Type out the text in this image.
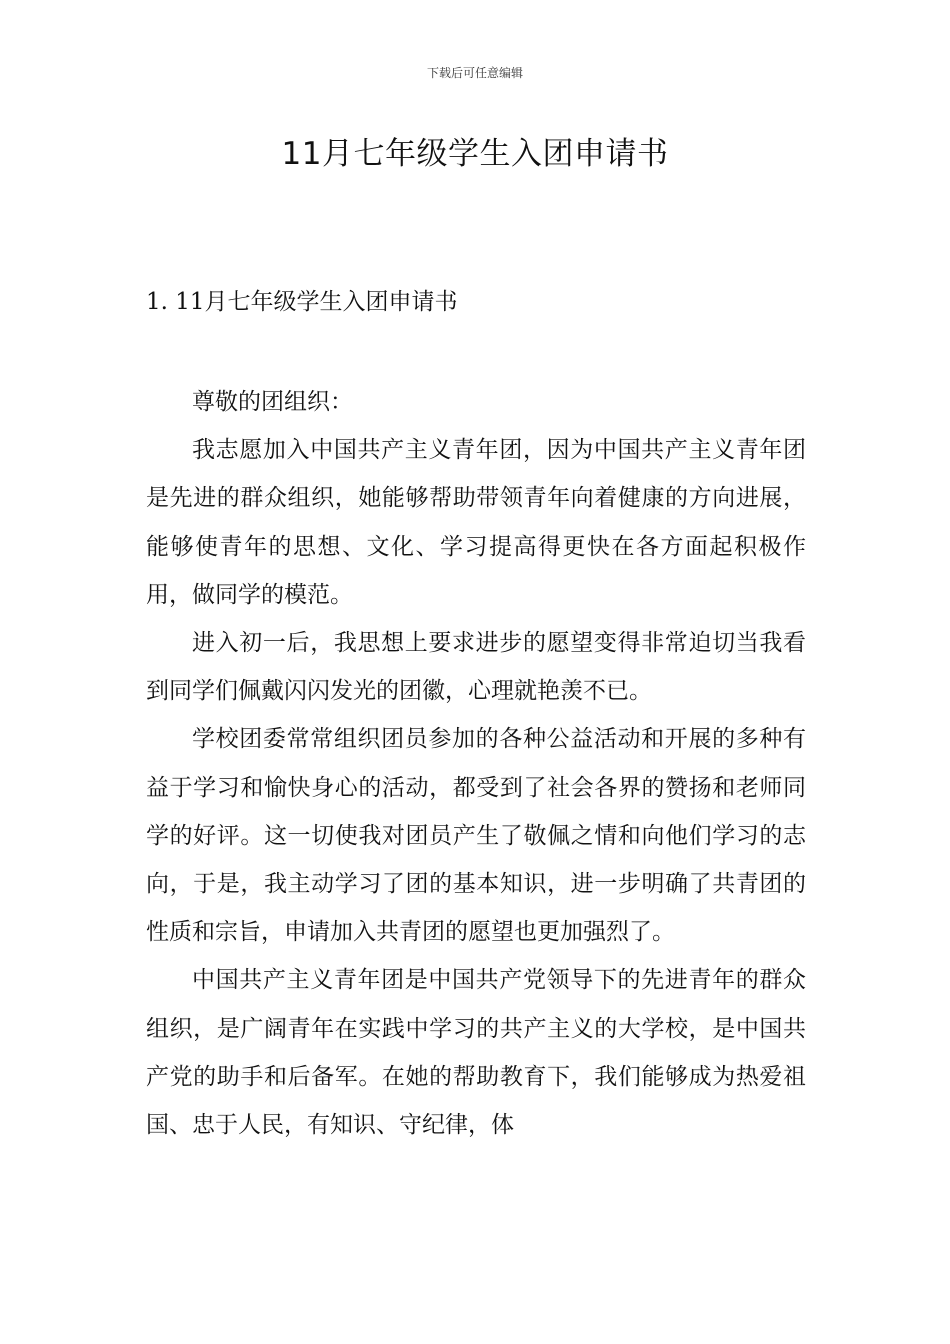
下载后可任意编辑
11月七年级学生入团申请书
1. 11月七年级学生入团申请书

尊敬的团组织：

我志愿加入中国共产主义青年团，因为中国共产主义青年团是先进的群众组织，她能够帮助带领青年向着健康的方向进展，能够使青年的思想、文化、学习提高得更快在各方面起积极作用，做同学的模范。

进入初一后，我思想上要求进步的愿望变得非常迫切当我看到同学们佩戴闪闪发光的团徽，心理就艳羡不已。

学校团委常常组织团员参加的各种公益活动和开展的多种有益于学习和愉快身心的活动，都受到了社会各界的赞扬和老师同学的好评。这一切使我对团员产生了敬佩之情和向他们学习的志向，于是，我主动学习了团的基本知识，进一步明确了共青团的性质和宗旨，申请加入共青团的愿望也更加强烈了。

中国共产主义青年团是中国共产党领导下的先进青年的群众组织，是广阔青年在实践中学习的共产主义的大学校，是中国共产党的助手和后备军。在她的帮助教育下，我们能够成为热爱祖国、忠于人民，有知识、守纪律，体
